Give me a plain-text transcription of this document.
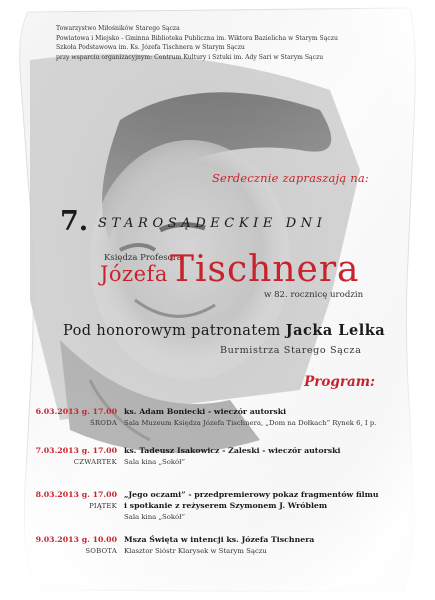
Towarzystwo Miłośników Starego Sącza
Powiatowa i Miejsko - Gminna Biblioteka Publiczna im. Wiktora Bazielicha w Starym Sączu
Szkoła Podstawowa im. Ks. Józefa Tischnera w Starym Sączu
przy wsparciu organizacyjnym: Centrum Kultury i Sztuki im. Ady Sari w Starym Sączu
Serdecznie zapraszają na:
7. STAROSĄDECKIE DNI
Księdza Profesora
Józefa Tischnera
w 82. rocznicę urodzin
Pod honorowym patronatem Jacka Lelka
Burmistrza Starego Sącza
Program:
6.03.2013 g. 17.00
ŚRODA
ks. Adam Boniecki - wieczór autorski
Sala Muzeum Księdza Józefa Tischnera, „Dom na Dołkach” Rynek 6, I p.
7.03.2013 g. 17.00
CZWARTEK
ks. Tadeusz Isakowicz - Zaleski - wieczór autorski
Sala kina „Sokół”
8.03.2013 g. 17.00
PIĄTEK
„Jego oczami” - przedpremierowy pokaz fragmentów filmu
i spotkanie z reżyserem Szymonem J. Wróblem
Sala kina „Sokół”
9.03.2013 g. 10.00
SOBOTA
Msza Święta w intencji ks. Józefa Tischnera
Klasztor Sióstr Klarysek w Starym Sączu
